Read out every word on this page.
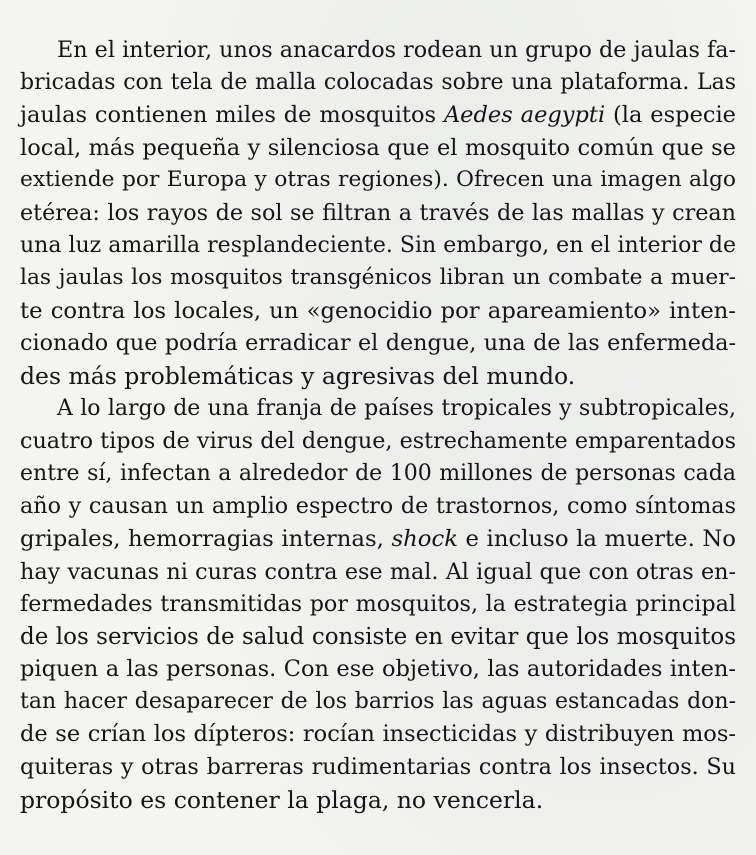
En el interior, unos anacardos rodean un grupo de jaulas fa-
bricadas con tela de malla colocadas sobre una plataforma. Las
jaulas contienen miles de mosquitos Aedes aegypti (la especie
local, más pequeña y silenciosa que el mosquito común que se
extiende por Europa y otras regiones). Ofrecen una imagen algo
etérea: los rayos de sol se filtran a través de las mallas y crean
una luz amarilla resplandeciente. Sin embargo, en el interior de
las jaulas los mosquitos transgénicos libran un combate a muer-
te contra los locales, un «genocidio por apareamiento» inten-
cionado que podría erradicar el dengue, una de las enfermeda-
des más problemáticas y agresivas del mundo.
A lo largo de una franja de países tropicales y subtropicales,
cuatro tipos de virus del dengue, estrechamente emparentados
entre sí, infectan a alrededor de 100 millones de personas cada
año y causan un amplio espectro de trastornos, como síntomas
gripales, hemorragias internas, shock e incluso la muerte. No
hay vacunas ni curas contra ese mal. Al igual que con otras en-
fermedades transmitidas por mosquitos, la estrategia principal
de los servicios de salud consiste en evitar que los mosquitos
piquen a las personas. Con ese objetivo, las autoridades inten-
tan hacer desaparecer de los barrios las aguas estancadas don-
de se crían los dípteros: rocían insecticidas y distribuyen mos-
quiteras y otras barreras rudimentarias contra los insectos. Su
propósito es contener la plaga, no vencerla.
